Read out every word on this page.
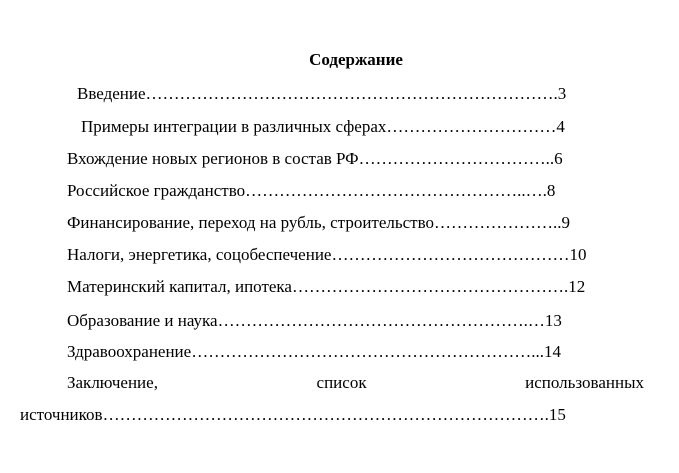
Содержание
Введение……………………………………………………………….3
Примеры интеграции в различных сферах…………………………4
Вхождение новых регионов в состав РФ……………………………..6
Российское гражданство…………………………………………..….8
Финансирование, переход на рубль, строительство…………………..9
Налоги, энергетика, соцобеспечение……………………………………10
Материнский капитал, ипотека………………………………………….12
Образование и наука……………………………………………….…13
Здравоохранение……………………………………………………...14
Заключение,	список	использованных
источников…………………………………………………………………….15
